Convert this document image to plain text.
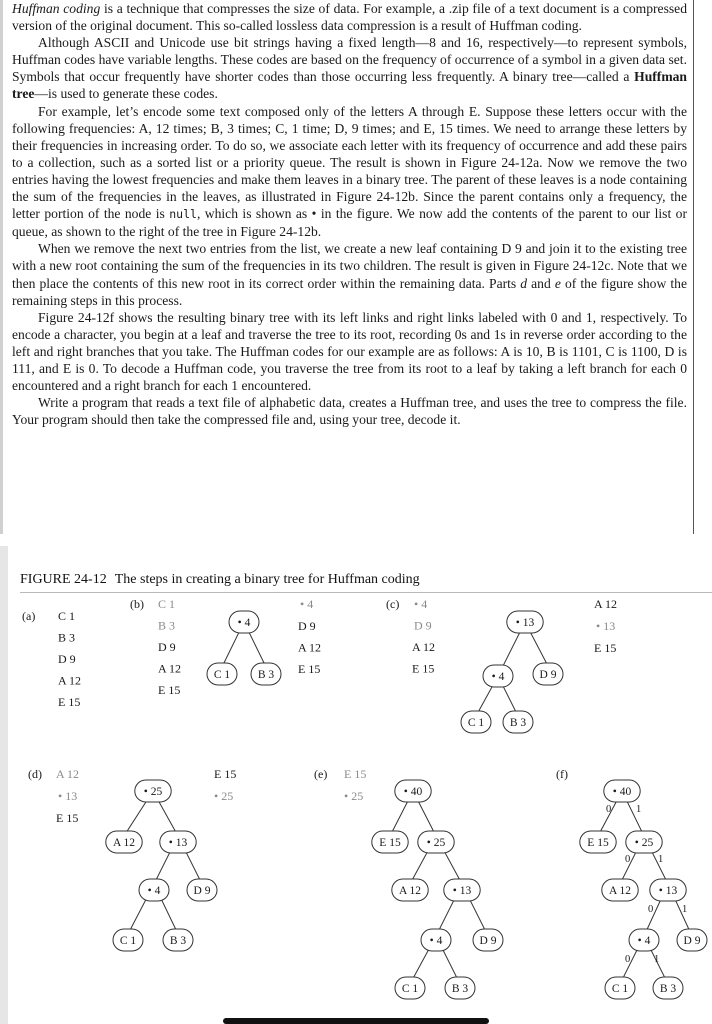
Huffman coding is a technique that compresses the size of data. For example, a .zip file of a text document is a compressed version of the original document. This so-called lossless data compression is a result of Huffman coding.

Although ASCII and Unicode use bit strings having a fixed length—8 and 16, respectively—to represent symbols, Huffman codes have variable lengths. These codes are based on the frequency of occurrence of a symbol in a given data set. Symbols that occur frequently have shorter codes than those occurring less frequently. A binary tree—called a Huffman tree—is used to generate these codes.

For example, let’s encode some text composed only of the letters A through E. Suppose these letters occur with the following frequencies: A, 12 times; B, 3 times; C, 1 time; D, 9 times; and E, 15 times. We need to arrange these letters by their frequencies in increasing order. To do so, we associate each letter with its frequency of occurrence and add these pairs to a collection, such as a sorted list or a priority queue. The result is shown in Figure 24-12a. Now we remove the two entries having the lowest frequencies and make them leaves in a binary tree. The parent of these leaves is a node containing the sum of the frequencies in the leaves, as illustrated in Figure 24-12b. Since the parent contains only a frequency, the letter portion of the node is null, which is shown as • in the figure. We now add the contents of the parent to our list or queue, as shown to the right of the tree in Figure 24-12b.

When we remove the next two entries from the list, we create a new leaf containing D 9 and join it to the existing tree with a new root containing the sum of the frequencies in its two children. The result is given in Figure 24-12c. Note that we then place the contents of this new root in its correct order within the remaining data. Parts d and e of the figure show the remaining steps in this process.

Figure 24-12f shows the resulting binary tree with its left links and right links labeled with 0 and 1, respectively. To encode a character, you begin at a leaf and traverse the tree to its root, recording 0s and 1s in reverse order according to the left and right branches that you take. The Huffman codes for our example are as follows: A is 10, B is 1101, C is 1100, D is 111, and E is 0. To decode a Huffman code, you traverse the tree from its root to a leaf by taking a left branch for each 0 encountered and a right branch for each 1 encountered.

Write a program that reads a text file of alphabetic data, creates a Huffman tree, and uses the tree to compress the file. Your program should then take the compressed file and, using your tree, decode it.

FIGURE 24-12 The steps in creating a binary tree for Huffman coding
• 4
C 1 B 3
• 13
• 4	D 9
C 1 B 3
• 25
A 12	• 13
• 4	D 9
C 1	B 3
• 40
E 15 • 25
A 12	• 13
• 4	D 9
C 1	B 3
• 40
E 15 • 25
A 12 • 13
• 4	D 9
C 1	B 3
(a)
(b)	(c)
(d)	(e)	(f)
C 1
B 3
D 9
A 12
E 15
C 1
B 3
D 9
A 12
E 15
• 4
D 9
A 12
E 15
• 4
D 9
A 12
E 15
A 12
• 13
E 15
A 12
• 13
E 15
E 15
• 25
E 15
• 25
0 1
0	1
0	1
0 1
